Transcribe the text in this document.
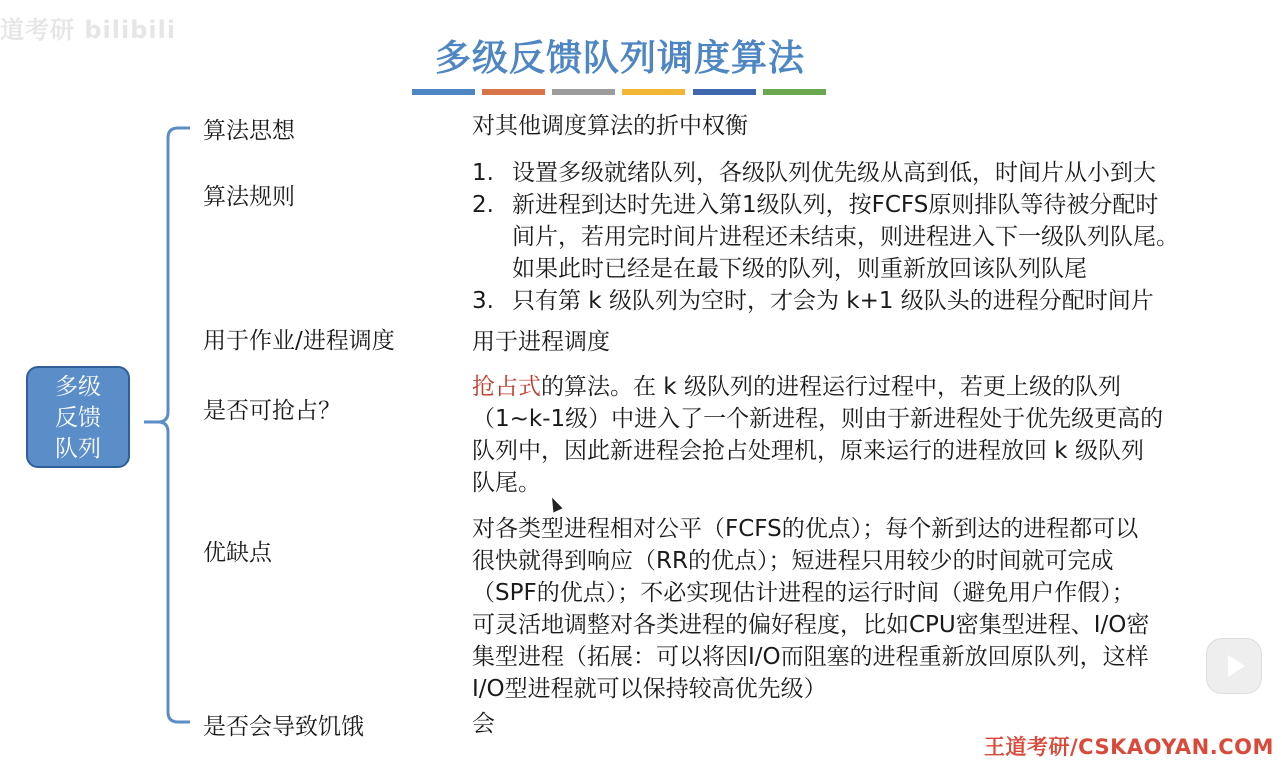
道考研 bilibili
多级反馈队列调度算法
多级
反馈
队列
算法思想
算法规则
用于作业/进程调度
是否可抢占？
优缺点
是否会导致饥饿
对其他调度算法的折中权衡
1. 设置多级就绪队列，各级队列优先级从高到低，时间片从小到大
2. 新进程到达时先进入第1级队列，按FCFS原则排队等待被分配时
间片，若用完时间片进程还未结束，则进程进入下一级队列队尾。
如果此时已经是在最下级的队列，则重新放回该队列队尾
3. 只有第 k 级队列为空时，才会为 k+1 级队头的进程分配时间片
用于进程调度
抢占式的算法。在 k 级队列的进程运行过程中，若更上级的队列
（1~k-1级）中进入了一个新进程，则由于新进程处于优先级更高的
队列中，因此新进程会抢占处理机，原来运行的进程放回 k 级队列
队尾。
对各类型进程相对公平（FCFS的优点）；每个新到达的进程都可以
很快就得到响应（RR的优点）；短进程只用较少的时间就可完成
（SPF的优点）；不必实现估计进程的运行时间（避免用户作假）；
可灵活地调整对各类进程的偏好程度，比如CPU密集型进程、I/O密
集型进程（拓展：可以将因I/O而阻塞的进程重新放回原队列，这样
I/O型进程就可以保持较高优先级）
会
王道考研/CSKAOYAN.COM
